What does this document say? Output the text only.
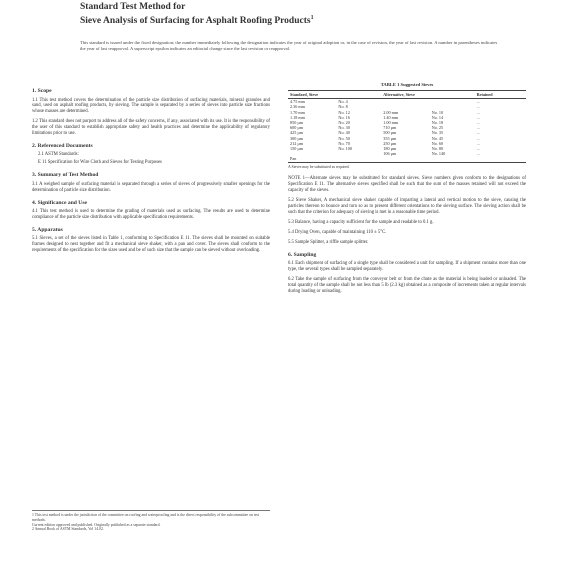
Standard Test Method for
Sieve Analysis of Surfacing for Asphalt Roofing Products$^1$
This standard is issued under the fixed designation; the number immediately following the designation indicates the year of original adoption or, in the case of revision, the year of last revision. A number in parentheses indicates the year of last reapproval. A superscript epsilon indicates an editorial change since the last revision or reapproval.
1. Scope

1.1 This test method covers the determination of the particle size distribution of surfacing materials, mineral granules and sand, used on asphalt roofing products, by sieving. The sample is separated by a series of sieves into particle size fractions whose masses are determined.

1.2 This standard does not purport to address all of the safety concerns, if any, associated with its use. It is the responsibility of the user of this standard to establish appropriate safety and health practices and determine the applicability of regulatory limitations prior to use.

2. Referenced Documents

2.1 ASTM Standards:

E 11 Specification for Wire Cloth and Sieves for Testing Purposes

3. Summary of Test Method

3.1 A weighed sample of surfacing material is separated through a series of sieves of progressively smaller openings for the determination of particle size distribution.

4. Significance and Use

4.1 This test method is used to determine the grading of materials used as surfacing. The results are used to determine compliance of the particle size distribution with applicable specification requirements.

5. Apparatus

5.1 Sieves, a set of the sieves listed in Table 1, conforming to Specification E 11. The sieves shall be mounted on suitable frames designed to nest together and fit a mechanical sieve shaker, with a pan and cover. The sieves shall conform to the requirements of the specification for the sizes used and be of such size that the sample can be sieved without overloading.

TABLE 1 Suggested Sieves
Standard, Sieve		Alternative, Sieve		Retained
4.75 mm	No. 4			...
2.36 mm	No. 8			...
1.70 mm	No. 12	2.00 mm	No. 10	...
1.18 mm	No. 16	1.40 mm	No. 14	...
850 µm	No. 20	1.00 mm	No. 18	...
600 µm	No. 30	710 µm	No. 25	...
425 µm	No. 40	500 µm	No. 35	...
300 µm	No. 50	355 µm	No. 45	...
212 µm	No. 70	250 µm	No. 60	...
150 µm	No. 100	180 µm	No. 80	...
		106 µm	No. 140	...
Pan				
A Sieves may be substituted as required.

NOTE 1—Alternate sieves may be substituted for standard sieves. Sieve numbers given conform to the designations of Specification E 11. The alternative sieves specified shall be such that the sum of the masses retained will not exceed the capacity of the sieves.

5.2 Sieve Shaker, A mechanical sieve shaker capable of imparting a lateral and vertical motion to the sieve, causing the particles thereon to bounce and turn so as to present different orientations to the sieving surface. The sieving action shall be such that the criterion for adequacy of sieving is met in a reasonable time period.

5.3 Balance, having a capacity sufficient for the sample and readable to 0.1 g.

5.4 Drying Oven, capable of maintaining 110 ± 5°C.

5.5 Sample Splitter, a riffle sample splitter.

6. Sampling

6.1 Each shipment of surfacing of a single type shall be considered a unit for sampling. If a shipment contains more than one type, the several types shall be sampled separately.

6.2 Take the sample of surfacing from the conveyor belt or from the chute as the material is being loaded or unloaded. The total quantity of the sample shall be not less than 5 lb (2.3 kg) obtained as a composite of increments taken at regular intervals during loading or unloading.

1 This test method is under the jurisdiction of the committee on roofing and waterproofing and is the direct responsibility of the subcommittee on test methods.
Current edition approved and published. Originally published as a separate standard.
2 Annual Book of ASTM Standards, Vol 14.02.
